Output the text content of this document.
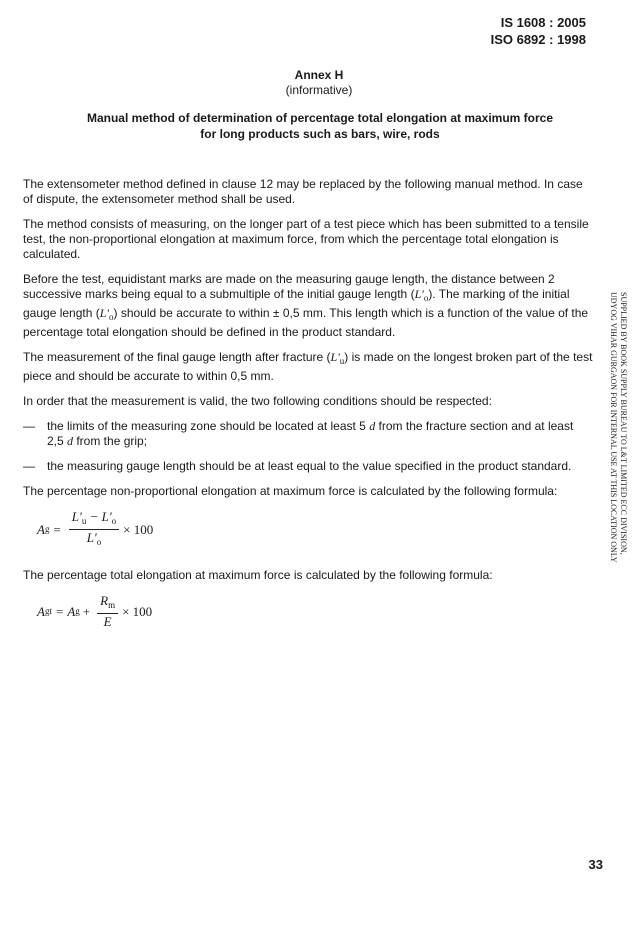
IS 1608 : 2005
ISO 6892 : 1998
Annex H
(informative)
Manual method of determination of percentage total elongation at maximum force
for long products such as bars, wire, rods

The extensometer method defined in clause 12 may be replaced by the following manual method. In case of dispute, the extensometer method shall be used.

The method consists of measuring, on the longer part of a test piece which has been submitted to a tensile test, the non-proportional elongation at maximum force, from which the percentage total elongation is calculated.

Before the test, equidistant marks are made on the measuring gauge length, the distance between 2 successive marks being equal to a submultiple of the initial gauge length $(L'_o)$. The marking of the initial gauge length $(L'_o)$ should be accurate to within ± 0,5 mm. This length which is a function of the value of the percentage total elongation should be defined in the product standard.

The measurement of the final gauge length after fracture $(L'_u)$ is made on the longest broken part of the test piece and should be accurate to within 0,5 mm.

In order that the measurement is valid, the two following conditions should be respected:

—	the limits of the measuring zone should be located at least 5 d from the fracture section and at least 2,5 d from the grip;
—	the measuring gauge length should be at least equal to the value specified in the product standard.

The percentage non-proportional elongation at maximum force is calculated by the following formula:

A $g = \frac{L'_u - L'_o}{L'_o} \times 100$

The percentage total elongation at maximum force is calculated by the following formula:

A gt = A $g + \frac{R_m}{E} \times 100$
SUPPLIED BY BOOK SUPPLY BUREAU TO L&T LIMITED ECC DIVISION,
UDYOG VIHAR GURGAON FOR INTERNAL USE AT THIS LOCATION ONLY
33
